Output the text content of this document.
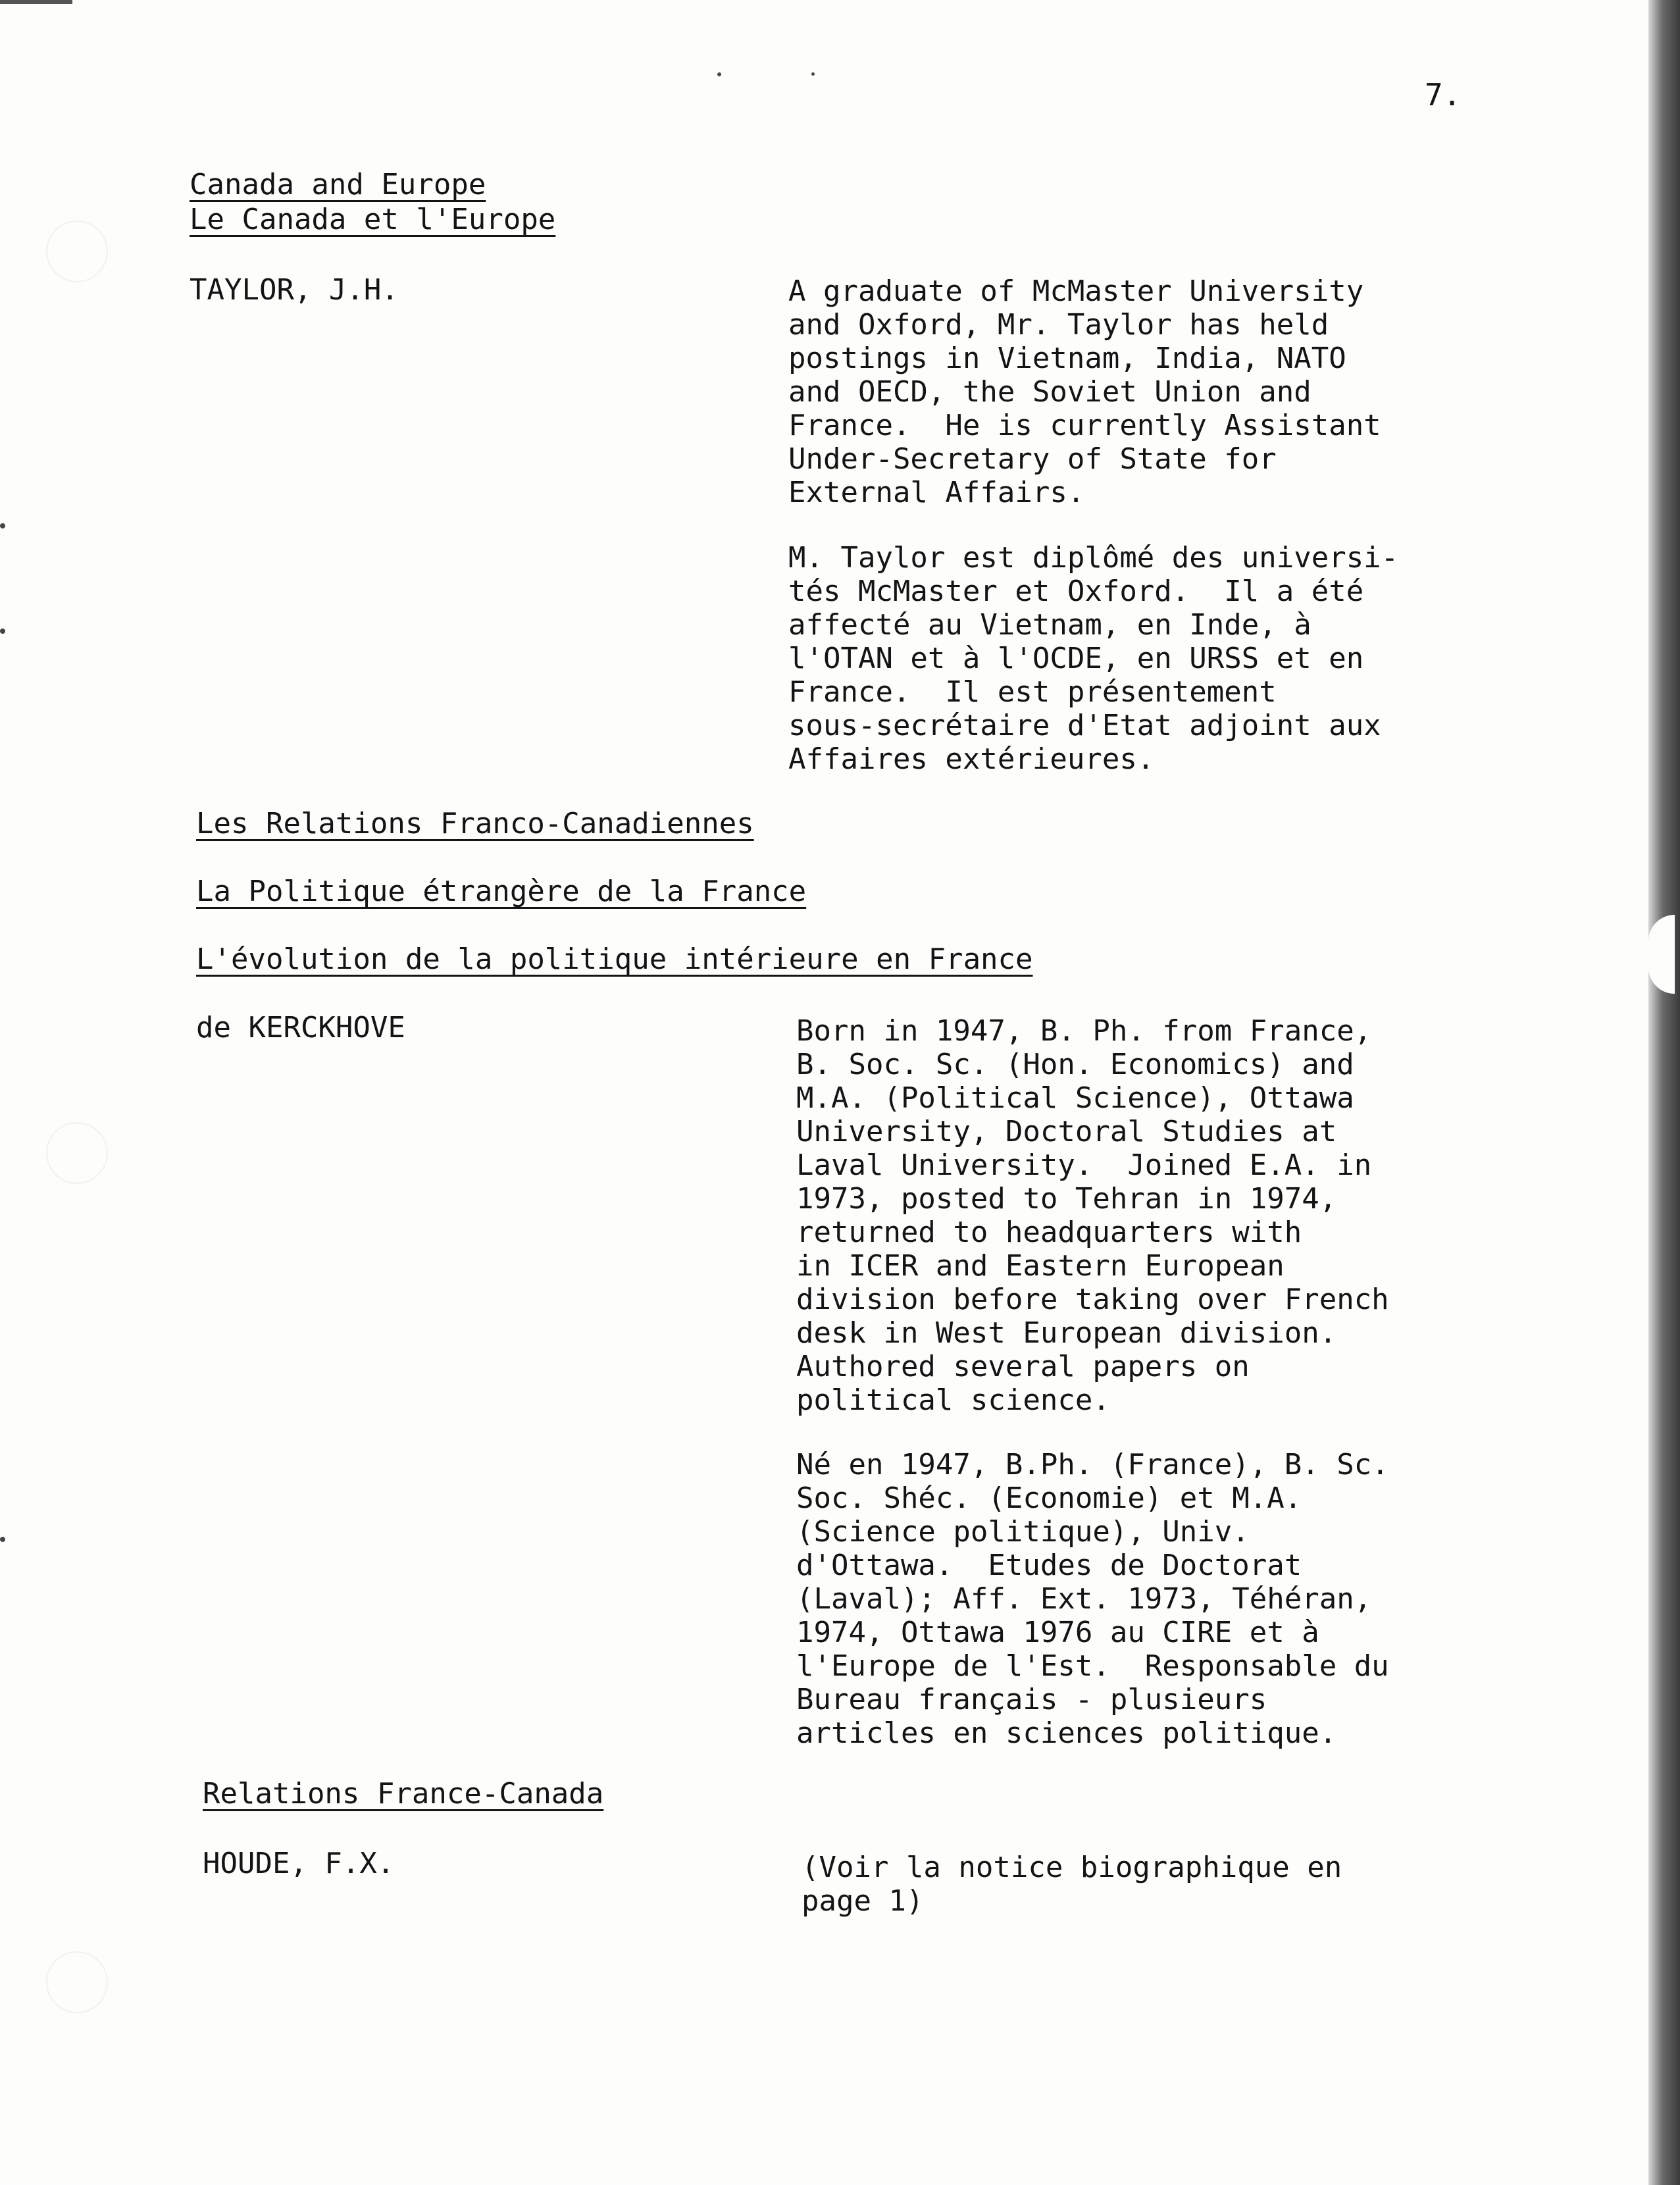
7.
Canada and Europe
Le Canada et l'Europe
TAYLOR, J.H.	A graduate of McMaster University
and Oxford, Mr. Taylor has held
postings in Vietnam, India, NATO
and OECD, the Soviet Union and
France.  He is currently Assistant
Under-Secretary of State for
External Affairs.
M. Taylor est diplômé des universi-
tés McMaster et Oxford.  Il a été
affecté au Vietnam, en Inde, à
l'OTAN et à l'OCDE, en URSS et en
France.  Il est présentement
sous-secrétaire d'Etat adjoint aux
Affaires extérieures.
Les Relations Franco-Canadiennes
La Politique étrangère de la France
L'évolution de la politique intérieure en France
de KERCKHOVE	Born in 1947, B. Ph. from France,
B. Soc. Sc. (Hon. Economics) and
M.A. (Political Science), Ottawa
University, Doctoral Studies at
Laval University.  Joined E.A. in
1973, posted to Tehran in 1974,
returned to headquarters with
in ICER and Eastern European
division before taking over French
desk in West European division.
Authored several papers on
political science.
Né en 1947, B.Ph. (France), B. Sc.
Soc. Shéc. (Economie) et M.A.
(Science politique), Univ.
d'Ottawa.  Etudes de Doctorat
(Laval); Aff. Ext. 1973, Téhéran,
1974, Ottawa 1976 au CIRE et à
l'Europe de l'Est.  Responsable du
Bureau français - plusieurs
articles en sciences politique.
Relations France-Canada
HOUDE, F.X.	(Voir la notice biographique en
page 1)
